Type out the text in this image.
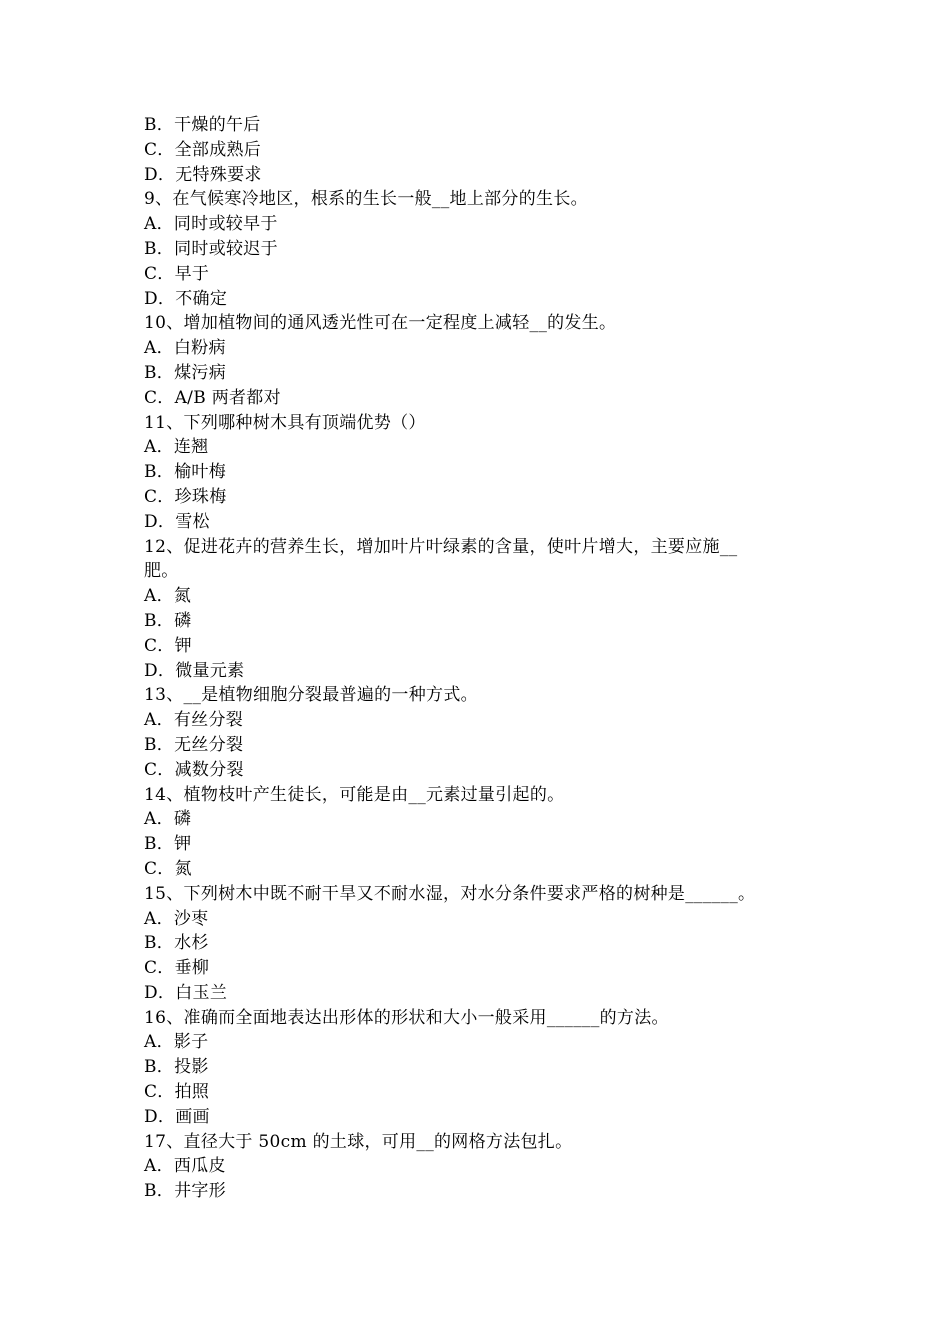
B．干燥的午后
C．全部成熟后
D．无特殊要求
9、在气候寒冷地区，根系的生长一般__地上部分的生长。
A．同时或较早于
B．同时或较迟于
C．早于
D．不确定
10、增加植物间的通风透光性可在一定程度上减轻__的发生。
A．白粉病
B．煤污病
C．A/B 两者都对
11、下列哪种树木具有顶端优势（）
A．连翘
B．榆叶梅
C．珍珠梅
D．雪松
12、促进花卉的营养生长，增加叶片叶绿素的含量，使叶片增大，主要应施__
肥。
A．氮
B．磷
C．钾
D．微量元素
13、__是植物细胞分裂最普遍的一种方式。
A．有丝分裂
B．无丝分裂
C．减数分裂
14、植物枝叶产生徒长，可能是由__元素过量引起的。
A．磷
B．钾
C．氮
15、下列树木中既不耐干旱又不耐水湿，对水分条件要求严格的树种是______。
A．沙枣
B．水杉
C．垂柳
D．白玉兰
16、准确而全面地表达出形体的形状和大小一般采用______的方法。
A．影子
B．投影
C．拍照
D．画画
17、直径大于 50cm 的土球，可用__的网格方法包扎。
A．西瓜皮
B．井字形
